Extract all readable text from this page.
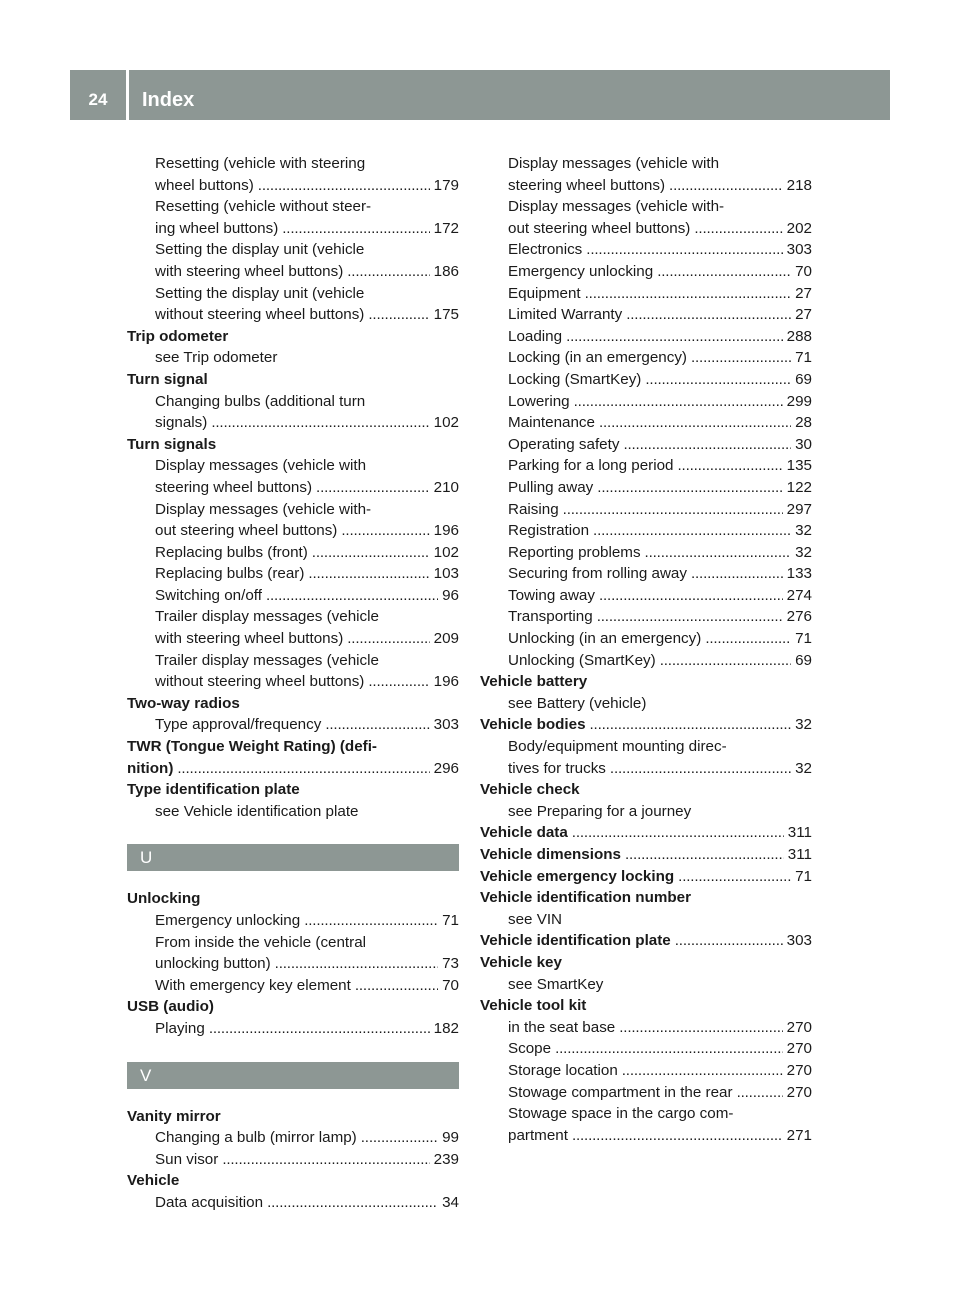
24	Index
Resetting (vehicle with steering
wheel buttons) . . .	179
Resetting (vehicle without steer-
ing wheel buttons) . . .	172
Setting the display unit (vehicle
with steering wheel buttons) . . .	186
Setting the display unit (vehicle
without steering wheel buttons) . . .	175
Trip odometer
see Trip odometer
Turn signal
Changing bulbs (additional turn
signals) . . .	102
Turn signals
Display messages (vehicle with
steering wheel buttons) . . .	210
Display messages (vehicle with-
out steering wheel buttons) . . .	196
Replacing bulbs (front) . . .	102
Replacing bulbs (rear) . . .	103
Switching on/off . . .	96
Trailer display messages (vehicle
with steering wheel buttons) . . .	209
Trailer display messages (vehicle
without steering wheel buttons) . . .	196
Two-way radios
Type approval/frequency . . .	303
TWR (Tongue Weight Rating) (defi-
nition) . . .	296
Type identification plate
see Vehicle identification plate
U
Unlocking
Emergency unlocking . . .	71
From inside the vehicle (central
unlocking button) . . .	73
With emergency key element . . .	70
USB (audio)
Playing . . .	182
V
Vanity mirror
Changing a bulb (mirror lamp) . . .	99
Sun visor . . .	239
Vehicle
Data acquisition . . .	34
Display messages (vehicle with
steering wheel buttons) . . .	218
Display messages (vehicle with-
out steering wheel buttons) . . .	202
Electronics . . .	303
Emergency unlocking . . .	70
Equipment . . .	27
Limited Warranty . . .	27
Loading . . .	288
Locking (in an emergency) . . .	71
Locking (SmartKey) . . .	69
Lowering . . .	299
Maintenance . . .	28
Operating safety . . .	30
Parking for a long period . . .	135
Pulling away . . .	122
Raising . . .	297
Registration . . .	32
Reporting problems . . .	32
Securing from rolling away . . .	133
Towing away . . .	274
Transporting . . .	276
Unlocking (in an emergency) . . .	71
Unlocking (SmartKey) . . .	69
Vehicle battery
see Battery (vehicle)
Vehicle bodies . . .	32
Body/equipment mounting direc-
tives for trucks . . .	32
Vehicle check
see Preparing for a journey
Vehicle data . . .	311
Vehicle dimensions . . .	311
Vehicle emergency locking . . .	71
Vehicle identification number
see VIN
Vehicle identification plate . . .	303
Vehicle key
see SmartKey
Vehicle tool kit
in the seat base . . .	270
Scope . . .	270
Storage location . . .	270
Stowage compartment in the rear . . .	270
Stowage space in the cargo com-
partment . . .	271
